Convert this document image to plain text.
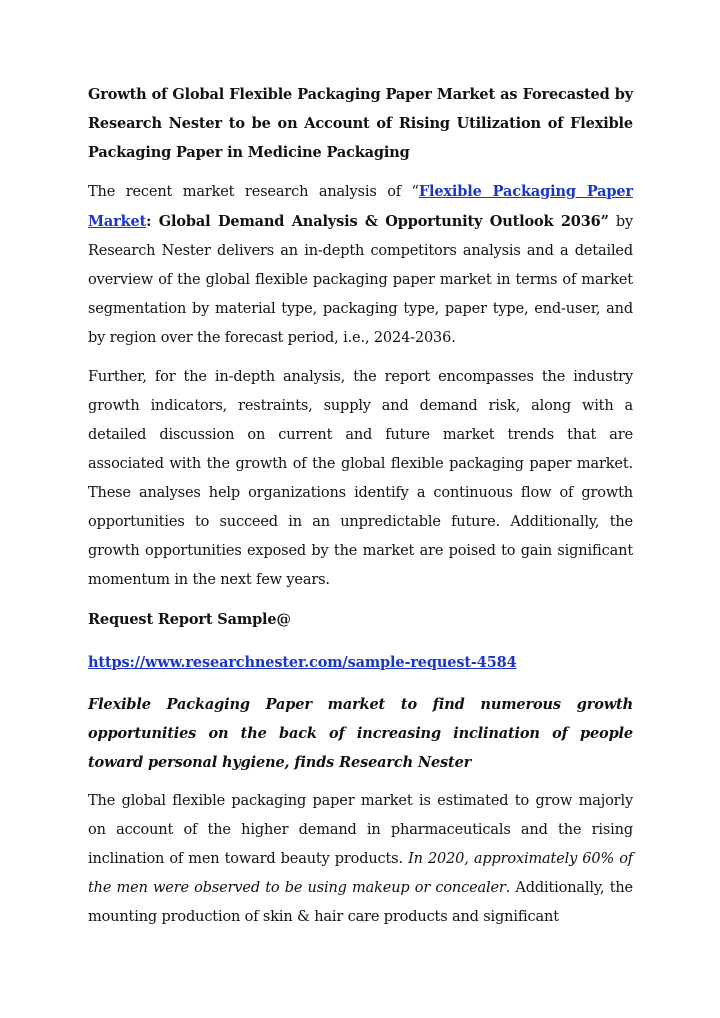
Growth of Global Flexible Packaging Paper Market as Forecasted by Research Nester to be on Account of Rising Utilization of Flexible Packaging Paper in Medicine Packaging

The recent market research analysis of “Flexible Packaging Paper Market: Global Demand Analysis & Opportunity Outlook 2036” by Research Nester delivers an in-depth competitors analysis and a detailed overview of the global flexible packaging paper market in terms of market segmentation by material type, packaging type, paper type, end-user, and by region over the forecast period, i.e., 2024-2036.

Further, for the in-depth analysis, the report encompasses the industry growth indicators, restraints, supply and demand risk, along with a detailed discussion on current and future market trends that are associated with the growth of the global flexible packaging paper market. These analyses help organizations identify a continuous flow of growth opportunities to succeed in an unpredictable future. Additionally, the growth opportunities exposed by the market are poised to gain significant momentum in the next few years.

Request Report Sample@

https://www.researchnester.com/sample-request-4584

Flexible Packaging Paper market to find numerous growth opportunities on the back of increasing inclination of people toward personal hygiene, finds Research Nester

The global flexible packaging paper market is estimated to grow majorly on account of the higher demand in pharmaceuticals and the rising inclination of men toward beauty products. In 2020, approximately 60% of the men were observed to be using makeup or concealer. Additionally, the mounting production of skin & hair care products and significant
